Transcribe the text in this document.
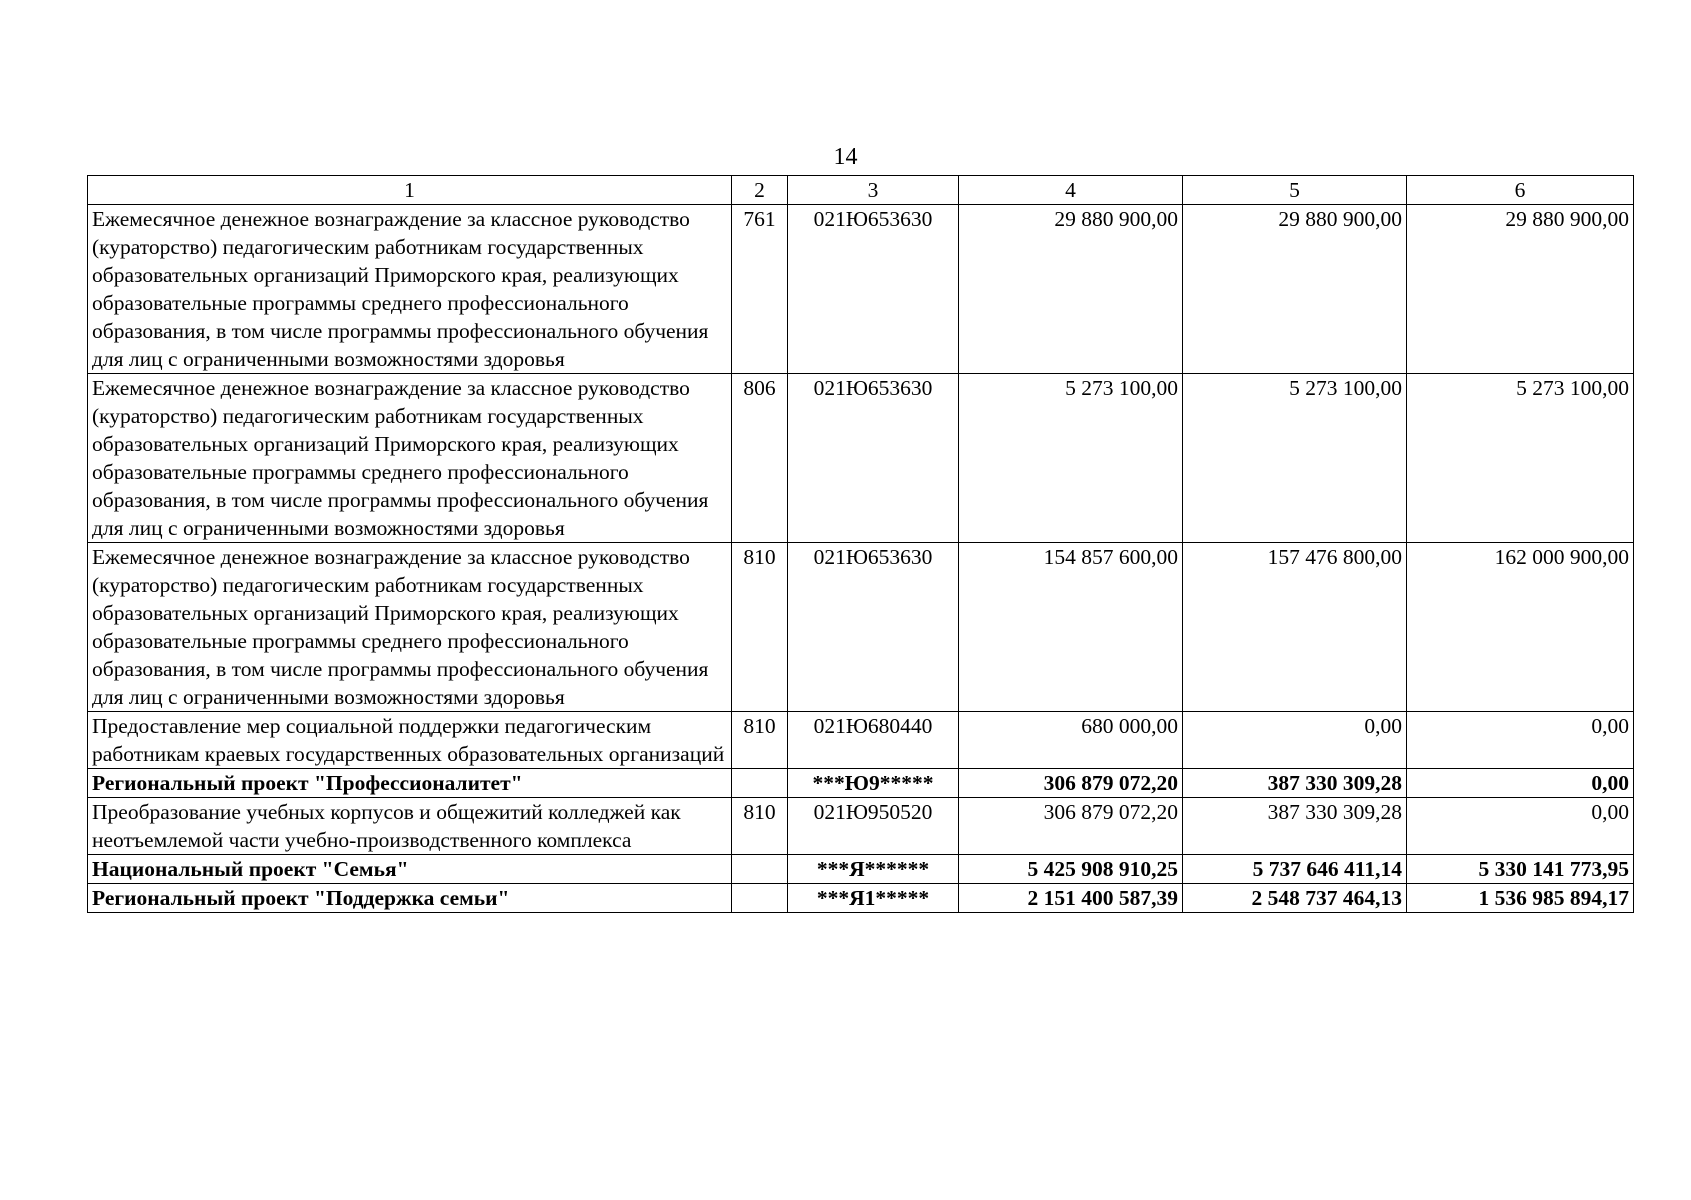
14
1	2	3	4	5	6
Ежемесячное денежное вознаграждение за классное руководство (кураторство) педагогическим работникам государственных образовательных организаций Приморского края, реализующих образовательные программы среднего профессионального образования, в том числе программы профессионального обучения для лиц с ограниченными возможностями здоровья	761	021Ю653630	29 880 900,00	29 880 900,00	29 880 900,00
Ежемесячное денежное вознаграждение за классное руководство (кураторство) педагогическим работникам государственных образовательных организаций Приморского края, реализующих образовательные программы среднего профессионального образования, в том числе программы профессионального обучения для лиц с ограниченными возможностями здоровья	806	021Ю653630	5 273 100,00	5 273 100,00	5 273 100,00
Ежемесячное денежное вознаграждение за классное руководство (кураторство) педагогическим работникам государственных образовательных организаций Приморского края, реализующих образовательные программы среднего профессионального образования, в том числе программы профессионального обучения для лиц с ограниченными возможностями здоровья	810	021Ю653630	154 857 600,00	157 476 800,00	162 000 900,00
Предоставление мер социальной поддержки педагогическим работникам краевых государственных образовательных организаций	810	021Ю680440	680 000,00	0,00	0,00
Региональный проект "Профессионалитет"		***Ю9*****	306 879 072,20	387 330 309,28	0,00
Преобразование учебных корпусов и общежитий колледжей как неотъемлемой части учебно-производственного комплекса	810	021Ю950520	306 879 072,20	387 330 309,28	0,00
Национальный проект "Семья"		***Я******	5 425 908 910,25	5 737 646 411,14	5 330 141 773,95
Региональный проект "Поддержка семьи"		***Я1*****	2 151 400 587,39	2 548 737 464,13	1 536 985 894,17
